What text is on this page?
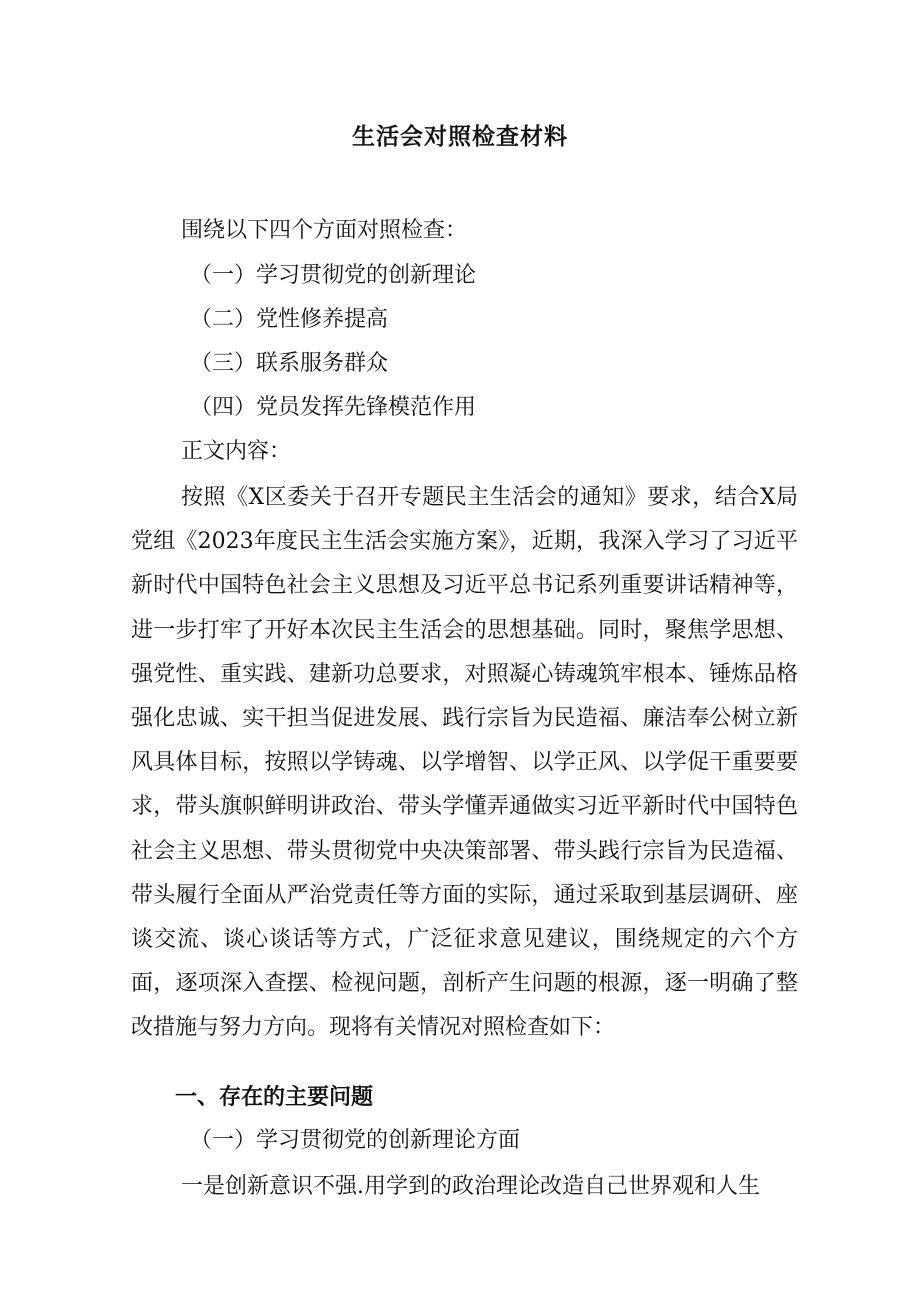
生活会对照检查材料
围绕以下四个方面对照检查：
（一）学习贯彻党的创新理论
（二）党性修养提高
（三）联系服务群众
（四）党员发挥先锋模范作用
正文内容：

按照《X区委关于召开专题民主生活会的通知》要求，结合X局党组《2023年度民主生活会实施方案》，近期，我深入学习了习近平新时代中国特色社会主义思想及习近平总书记系列重要讲话精神等，进一步打牢了开好本次民主生活会的思想基础。同时，聚焦学思想、强党性、重实践、建新功总要求，对照凝心铸魂筑牢根本、锤炼品格强化忠诚、实干担当促进发展、践行宗旨为民造福、廉洁奉公树立新风具体目标，按照以学铸魂、以学增智、以学正风、以学促干重要要求，带头旗帜鲜明讲政治、带头学懂弄通做实习近平新时代中国特色社会主义思想、带头贯彻党中央决策部署、带头践行宗旨为民造福、带头履行全面从严治党责任等方面的实际，通过采取到基层调研、座谈交流、谈心谈话等方式，广泛征求意见建议，围绕规定的六个方面，逐项深入查摆、检视问题，剖析产生问题的根源，逐一明确了整改措施与努力方向。现将有关情况对照检查如下：

一、存在的主要问题
（一）学习贯彻党的创新理论方面
一是创新意识不强.用学到的政治理论改造自己世界观和人生
